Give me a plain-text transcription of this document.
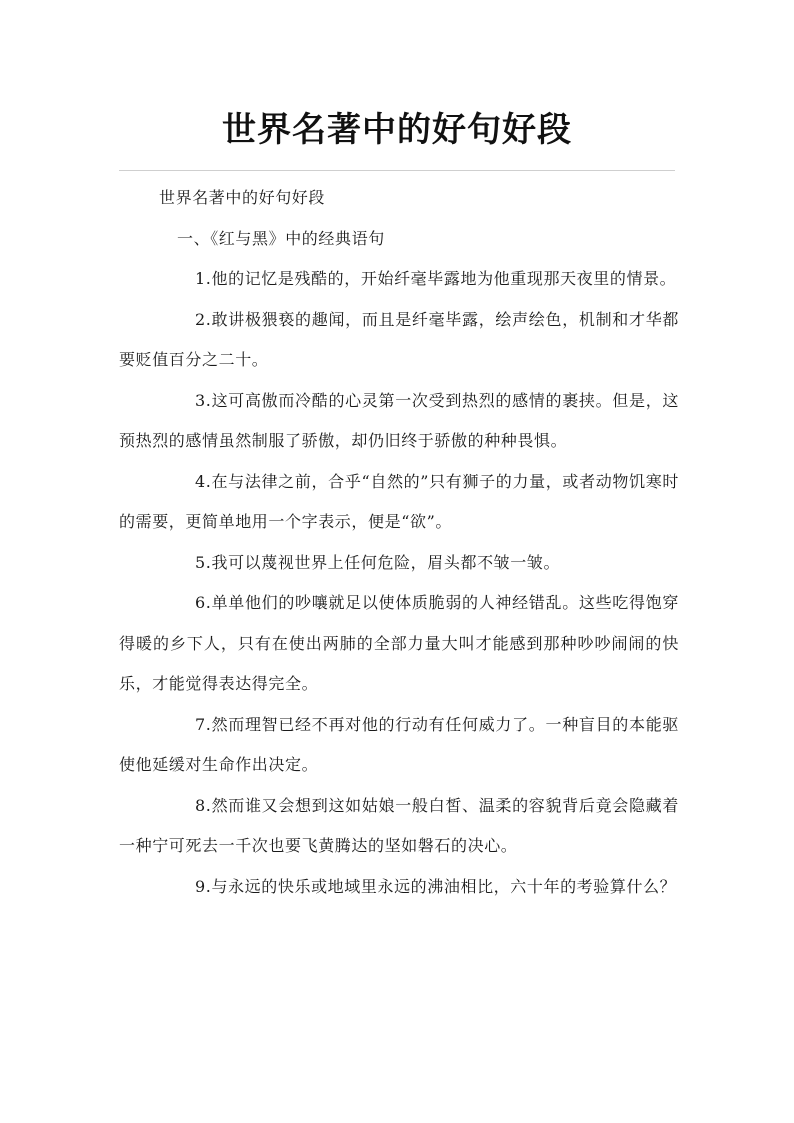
世界名著中的好句好段

世界名著中的好句好段

一、《红与黑》中的经典语句

1.他的记忆是残酷的，开始纤毫毕露地为他重现那天夜里的情景。

2.敢讲极猥亵的趣闻，而且是纤毫毕露，绘声绘色，机制和才华都要贬值百分之二十。

3.这可高傲而冷酷的心灵第一次受到热烈的感情的裹挟。但是，这预热烈的感情虽然制服了骄傲，却仍旧终于骄傲的种种畏惧。

4.在与法律之前，合乎“自然的”只有狮子的力量，或者动物饥寒时的需要，更简单地用一个字表示，便是“欲”。

5.我可以蔑视世界上任何危险，眉头都不皱一皱。

6.单单他们的吵嚷就足以使体质脆弱的人神经错乱。这些吃得饱穿得暖的乡下人，只有在使出两肺的全部力量大叫才能感到那种吵吵闹闹的快乐，才能觉得表达得完全。

7.然而理智已经不再对他的行动有任何威力了。一种盲目的本能驱使他延缓对生命作出决定。

8.然而谁又会想到这如姑娘一般白皙、温柔的容貌背后竟会隐藏着一种宁可死去一千次也要飞黄腾达的坚如磐石的决心。

9.与永远的快乐或地域里永远的沸油相比，六十年的考验算什么？
